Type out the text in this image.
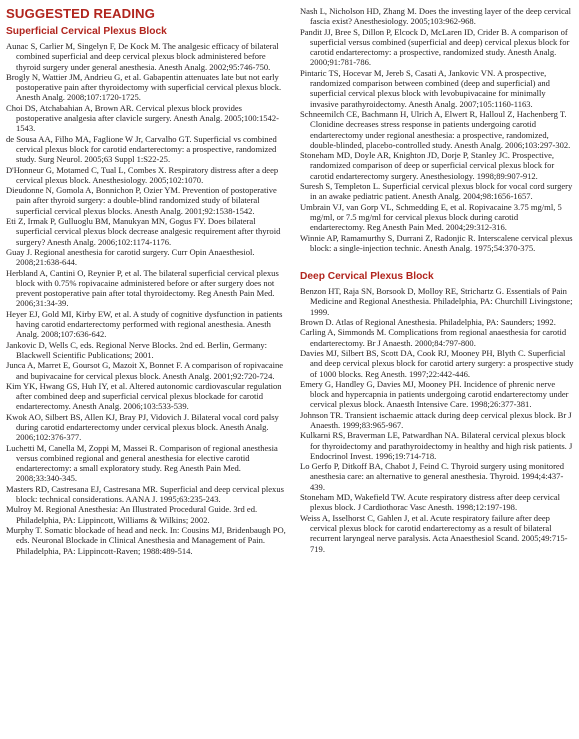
SUGGESTED READING
Superficial Cervical Plexus Block

Aunac S, Carlier M, Singelyn F, De Kock M. The analgesic efficacy of bilateral combined superficial and deep cervical plexus block administered before thyroid surgery under general anesthesia. Anesth Analg. 2002;95:746-750.

Brogly N, Wattier JM, Andrieu G, et al. Gabapentin attenuates late but not early postoperative pain after thyroidectomy with superficial cervical plexus block. Anesth Analg. 2008;107:1720-1725.

Choi DS, Atchabahian A, Brown AR. Cervical plexus block provides postoperative analgesia after clavicle surgery. Anesth Analg. 2005;100:1542-1543.

de Sousa AA, Filho MA, Faglione W Jr, Carvalho GT. Superficial vs combined cervical plexus block for carotid endarterectomy: a prospective, randomized study. Surg Neurol. 2005;63 Suppl 1:S22-25.

D'Honneur G, Motamed C, Tual L, Combes X. Respiratory distress after a deep cervical plexus block. Anesthesiology. 2005;102:1070.

Dieudonne N, Gomola A, Bonnichon P, Ozier YM. Prevention of postoperative pain after thyroid surgery: a double-blind randomized study of bilateral superficial cervical plexus blocks. Anesth Analg. 2001;92:1538-1542.

Eti Z, Irmak P, Gulluoglu BM, Manukyan MN, Gogus FY. Does bilateral superficial cervical plexus block decrease analgesic requirement after thyroid surgery? Anesth Analg. 2006;102:1174-1176.

Guay J. Regional anesthesia for carotid surgery. Curr Opin Anaesthesiol. 2008;21:638-644.

Herbland A, Cantini O, Reynier P, et al. The bilateral superficial cervical plexus block with 0.75% ropivacaine administered before or after surgery does not prevent postoperative pain after total thyroidectomy. Reg Anesth Pain Med. 2006;31:34-39.

Heyer EJ, Gold MI, Kirby EW, et al. A study of cognitive dysfunction in patients having carotid endarterectomy performed with regional anesthesia. Anesth Analg. 2008;107:636-642.

Jankovic D, Wells C, eds. Regional Nerve Blocks. 2nd ed. Berlin, Germany: Blackwell Scientific Publications; 2001.

Junca A, Marret E, Goursot G, Mazoit X, Bonnet F. A comparison of ropivacaine and bupivacaine for cervical plexus block. Anesth Analg. 2001;92:720-724.

Kim YK, Hwang GS, Huh IY, et al. Altered autonomic cardiovascular regulation after combined deep and superficial cervical plexus blockade for carotid endarterectomy. Anesth Analg. 2006;103:533-539.

Kwok AO, Silbert BS, Allen KJ, Bray PJ, Vidovich J. Bilateral vocal cord palsy during carotid endarterectomy under cervical plexus block. Anesth Analg. 2006;102:376-377.

Luchetti M, Canella M, Zoppi M, Massei R. Comparison of regional anesthesia versus combined regional and general anesthesia for elective carotid endarterectomy: a small exploratory study. Reg Anesth Pain Med. 2008;33:340-345.

Masters RD, Castresana EJ, Castresana MR. Superficial and deep cervical plexus block: technical considerations. AANA J. 1995;63:235-243.

Mulroy M. Regional Anesthesia: An Illustrated Procedural Guide. 3rd ed. Philadelphia, PA: Lippincott, Williams & Wilkins; 2002.

Murphy T. Somatic blockade of head and neck. In: Cousins MJ, Bridenbaugh PO, eds. Neuronal Blockade in Clinical Anesthesia and Management of Pain. Philadelphia, PA: Lippincott-Raven; 1988:489-514.

Nash L, Nicholson HD, Zhang M. Does the investing layer of the deep cervical fascia exist? Anesthesiology. 2005;103:962-968.

Pandit JJ, Bree S, Dillon P, Elcock D, McLaren ID, Crider B. A comparison of superficial versus combined (superficial and deep) cervical plexus block for carotid endarterectomy: a prospective, randomized study. Anesth Analg. 2000;91:781-786.

Pintaric TS, Hocevar M, Jereb S, Casati A, Jankovic VN. A prospective, randomized comparison between combined (deep and superficial) and superficial cervical plexus block with levobupivacaine for minimally invasive parathyroidectomy. Anesth Analg. 2007;105:1160-1163.

Schneemilch CE, Bachmann H, Ulrich A, Elwert R, Halloul Z, Hachenberg T. Clonidine decreases stress response in patients undergoing carotid endarterectomy under regional anesthesia: a prospective, randomized, double-blinded, placebo-controlled study. Anesth Analg. 2006;103:297-302.

Stoneham MD, Doyle AR, Knighton JD, Dorje P, Stanley JC. Prospective, randomized comparison of deep or superficial cervical plexus block for carotid endarterectomy surgery. Anesthesiology. 1998;89:907-912.

Suresh S, Templeton L. Superficial cervical plexus block for vocal cord surgery in an awake pediatric patient. Anesth Analg. 2004;98:1656-1657.

Umbrain VJ, van Gorp VL, Schmedding E, et al. Ropivacaine 3.75 mg/ml, 5 mg/ml, or 7.5 mg/ml for cervical plexus block during carotid endarterectomy. Reg Anesth Pain Med. 2004;29:312-316.

Winnie AP, Ramamurthy S, Durrani Z, Radonjic R. Interscalene cervical plexus block: a single-injection technic. Anesth Analg. 1975;54:370-375.

Deep Cervical Plexus Block

Benzon HT, Raja SN, Borsook D, Molloy RE, Strichartz G. Essentials of Pain Medicine and Regional Anesthesia. Philadelphia, PA: Churchill Livingstone; 1999.

Brown D. Atlas of Regional Anesthesia. Philadelphia, PA: Saunders; 1992.

Carling A, Simmonds M. Complications from regional anaesthesia for carotid endarterectomy. Br J Anaesth. 2000;84:797-800.

Davies MJ, Silbert BS, Scott DA, Cook RJ, Mooney PH, Blyth C. Superficial and deep cervical plexus block for carotid artery surgery: a prospective study of 1000 blocks. Reg Anesth. 1997;22:442-446.

Emery G, Handley G, Davies MJ, Mooney PH. Incidence of phrenic nerve block and hypercapnia in patients undergoing carotid endarterectomy under cervical plexus block. Anaesth Intensive Care. 1998;26:377-381.

Johnson TR. Transient ischaemic attack during deep cervical plexus block. Br J Anaesth. 1999;83:965-967.

Kulkarni RS, Braverman LE, Patwardhan NA. Bilateral cervical plexus block for thyroidectomy and parathyroidectomy in healthy and high risk patients. J Endocrinol Invest. 1996;19:714-718.

Lo Gerfo P, Ditkoff BA, Chabot J, Feind C. Thyroid surgery using monitored anesthesia care: an alternative to general anesthesia. Thyroid. 1994;4:437-439.

Stoneham MD, Wakefield TW. Acute respiratory distress after deep cervical plexus block. J Cardiothorac Vasc Anesth. 1998;12:197-198.

Weiss A, Isselhorst C, Gahlen J, et al. Acute respiratory failure after deep cervical plexus block for carotid endarterectomy as a result of bilateral recurrent laryngeal nerve paralysis. Acta Anaesthesiol Scand. 2005;49:715-719.
